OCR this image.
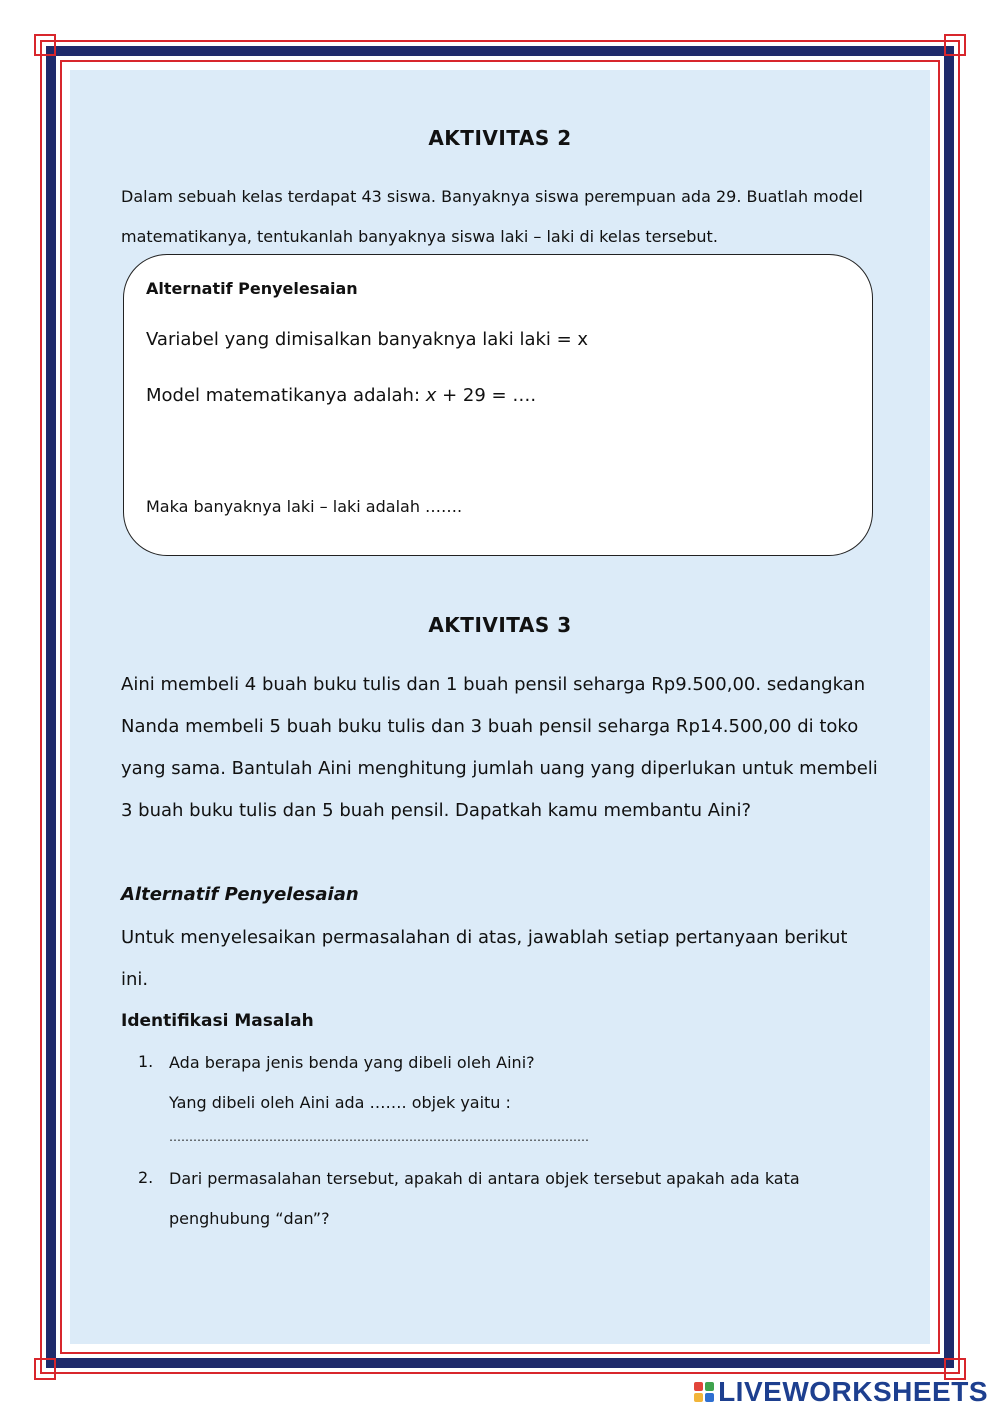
AKTIVITAS 2
Dalam sebuah kelas terdapat 43 siswa. Banyaknya siswa perempuan ada 29. Buatlah model
matematikanya, tentukanlah banyaknya siswa laki – laki di kelas tersebut.
Alternatif Penyelesaian
Variabel yang dimisalkan banyaknya laki laki = x
Model matematikanya adalah: x + 29 = ….
Maka banyaknya laki – laki adalah …….
AKTIVITAS 3
Aini membeli 4 buah buku tulis dan 1 buah pensil seharga Rp9.500,00. sedangkan
Nanda membeli 5 buah buku tulis dan 3 buah pensil seharga Rp14.500,00 di toko
yang sama. Bantulah Aini menghitung jumlah uang yang diperlukan untuk membeli
3 buah buku tulis dan 5 buah pensil. Dapatkah kamu membantu Aini?
Alternatif Penyelesaian
Untuk menyelesaikan permasalahan di atas, jawablah setiap pertanyaan berikut
ini.
Identifikasi Masalah
1. Ada berapa jenis benda yang dibeli oleh Aini?
Yang dibeli oleh Aini ada ……. objek yaitu :
……………………………………………………………………………………………
2. Dari permasalahan tersebut, apakah di antara objek tersebut apakah ada kata
penghubung “dan”?
LIVEWORKSHEETS
